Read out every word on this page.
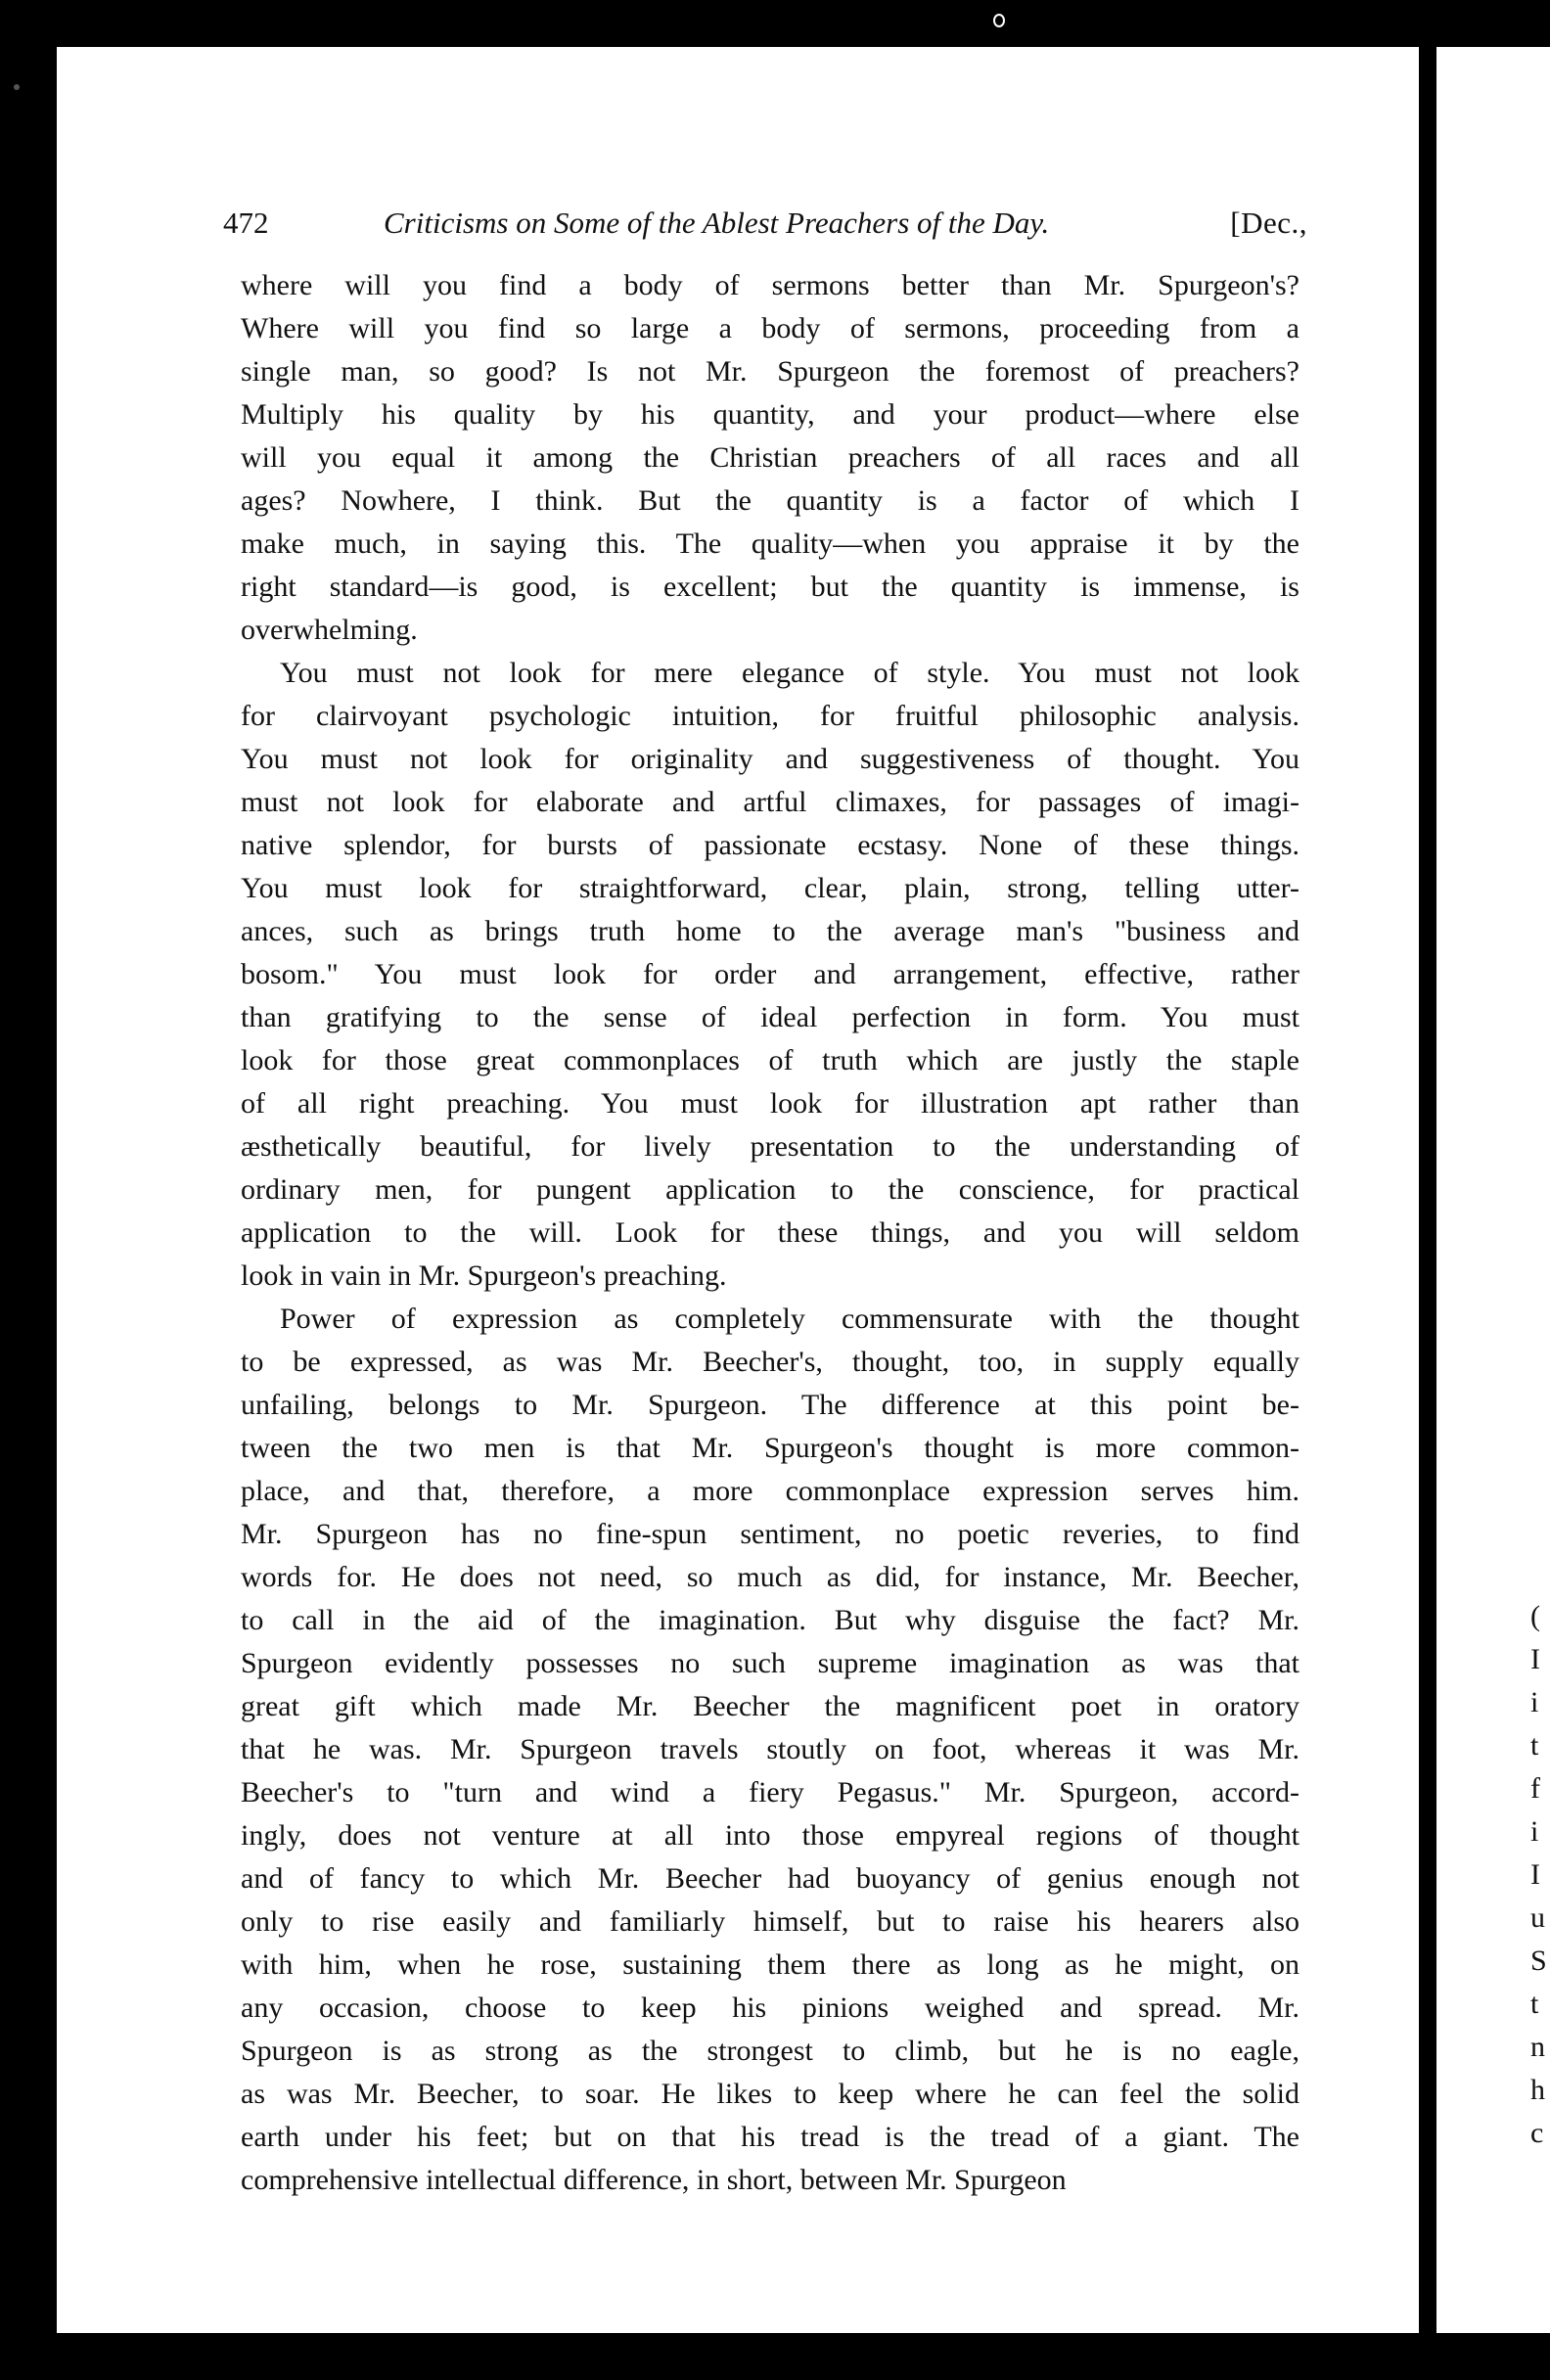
472	Criticisms on Some of the Ablest Preachers of the Day.	[Dec.,
where will you find a body of sermons better than Mr. Spurgeon's?
Where will you find so large a body of sermons, proceeding from a
single man, so good? Is not Mr. Spurgeon the foremost of preachers?
Multiply his quality by his quantity, and your product—where else
will you equal it among the Christian preachers of all races and all
ages? Nowhere, I think. But the quantity is a factor of which I
make much, in saying this. The quality—when you appraise it by the
right standard—is good, is excellent; but the quantity is immense, is
overwhelming.
You must not look for mere elegance of style. You must not look
for clairvoyant psychologic intuition, for fruitful philosophic analysis.
You must not look for originality and suggestiveness of thought. You
must not look for elaborate and artful climaxes, for passages of imagi-
native splendor, for bursts of passionate ecstasy. None of these things.
You must look for straightforward, clear, plain, strong, telling utter-
ances, such as brings truth home to the average man's "business and
bosom." You must look for order and arrangement, effective, rather
than gratifying to the sense of ideal perfection in form. You must
look for those great commonplaces of truth which are justly the staple
of all right preaching. You must look for illustration apt rather than
æsthetically beautiful, for lively presentation to the understanding of
ordinary men, for pungent application to the conscience, for practical
application to the will. Look for these things, and you will seldom
look in vain in Mr. Spurgeon's preaching.
Power of expression as completely commensurate with the thought
to be expressed, as was Mr. Beecher's, thought, too, in supply equally
unfailing, belongs to Mr. Spurgeon. The difference at this point be-
tween the two men is that Mr. Spurgeon's thought is more common-
place, and that, therefore, a more commonplace expression serves him.
Mr. Spurgeon has no fine-spun sentiment, no poetic reveries, to find
words for. He does not need, so much as did, for instance, Mr. Beecher,
to call in the aid of the imagination. But why disguise the fact? Mr.
Spurgeon evidently possesses no such supreme imagination as was that
great gift which made Mr. Beecher the magnificent poet in oratory
that he was. Mr. Spurgeon travels stoutly on foot, whereas it was Mr.
Beecher's to "turn and wind a fiery Pegasus." Mr. Spurgeon, accord-
ingly, does not venture at all into those empyreal regions of thought
and of fancy to which Mr. Beecher had buoyancy of genius enough not
only to rise easily and familiarly himself, but to raise his hearers also
with him, when he rose, sustaining them there as long as he might, on
any occasion, choose to keep his pinions weighed and spread. Mr.
Spurgeon is as strong as the strongest to climb, but he is no eagle,
as was Mr. Beecher, to soar. He likes to keep where he can feel the solid
earth under his feet; but on that his tread is the tread of a giant. The
comprehensive intellectual difference, in short, between Mr. Spurgeon
(
I
i
t
f
i
I
u
S
t
n
h
c
